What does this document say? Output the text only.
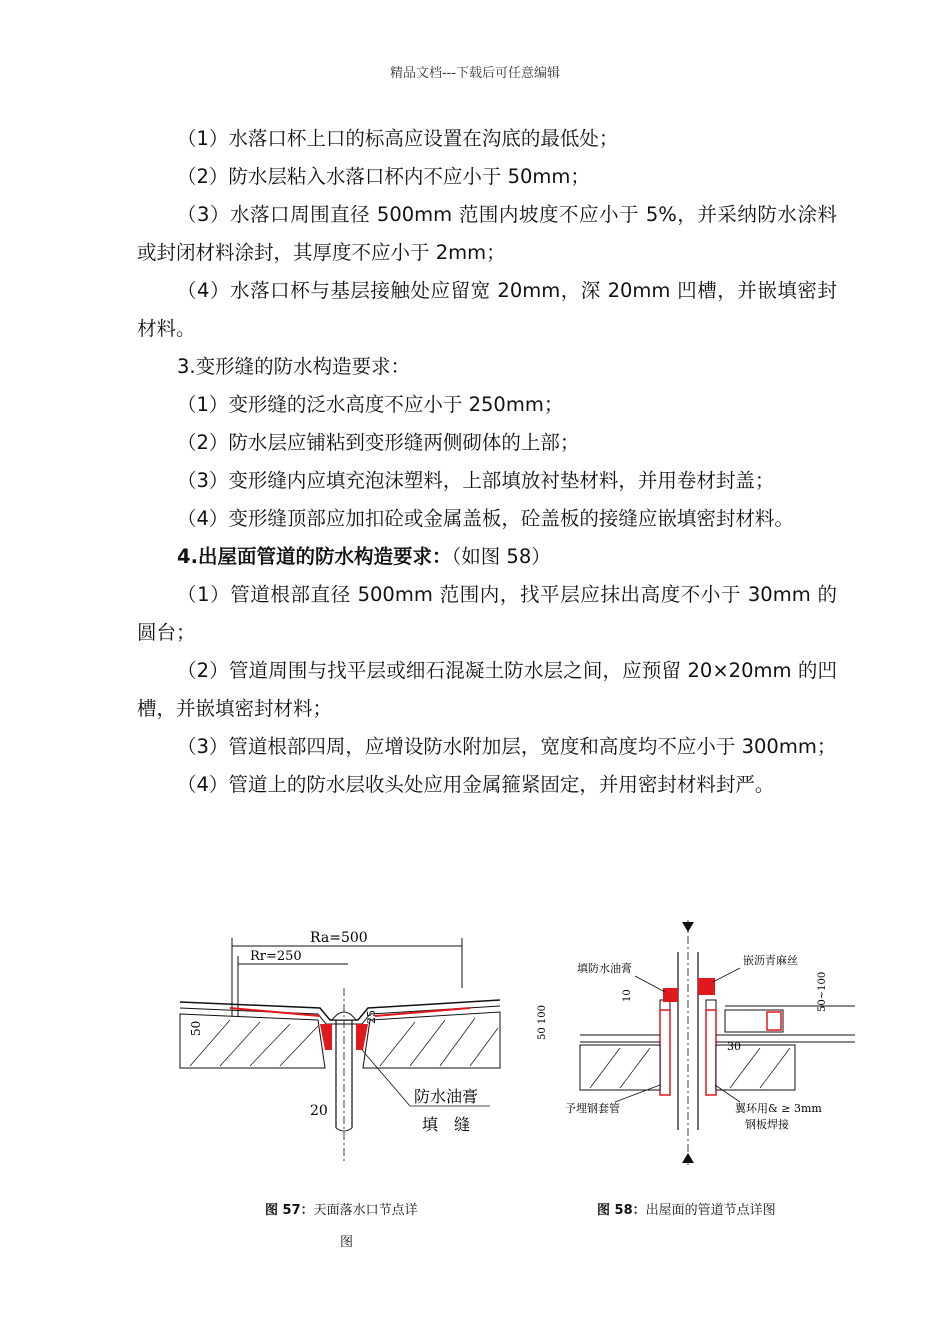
精品文档---下载后可任意编辑

（1）水落口杯上口的标高应设置在沟底的最低处；

（2）防水层粘入水落口杯内不应小于 50mm；

（3）水落口周围直径 500mm 范围内坡度不应小于 5%，并采纳防水涂料或封闭材料涂封，其厚度不应小于 2mm；

（4）水落口杯与基层接触处应留宽 20mm，深 20mm 凹槽，并嵌填密封材料。

3.变形缝的防水构造要求：

（1）变形缝的泛水高度不应小于 250mm；

（2）防水层应铺粘到变形缝两侧砌体的上部；

（3）变形缝内应填充泡沫塑料，上部填放衬垫材料，并用卷材封盖；

（4）变形缝顶部应加扣砼或金属盖板，砼盖板的接缝应嵌填密封材料。

4.出屋面管道的防水构造要求：（如图 58）

（1）管道根部直径 500mm 范围内，找平层应抹出高度不小于 30mm 的圆台；

（2）管道周围与找平层或细石混凝土防水层之间，应预留 20×20mm 的凹槽，并嵌填密封材料；

（3）管道根部四周，应增设防水附加层，宽度和高度均不应小于 300mm；

（4）管道上的防水层收头处应用金属箍紧固定，并用密封材料封严。

Ra=500
Rr=250
50
25
20
防水油膏
填　缝
填防水油膏
嵌沥青麻丝
50 100
50~100
10
30
予埋钢套管	翼环用& ≥ 3mm
钢板焊接
图 57：天面落水口节点详
图
图 58：出屋面的管道节点详图
